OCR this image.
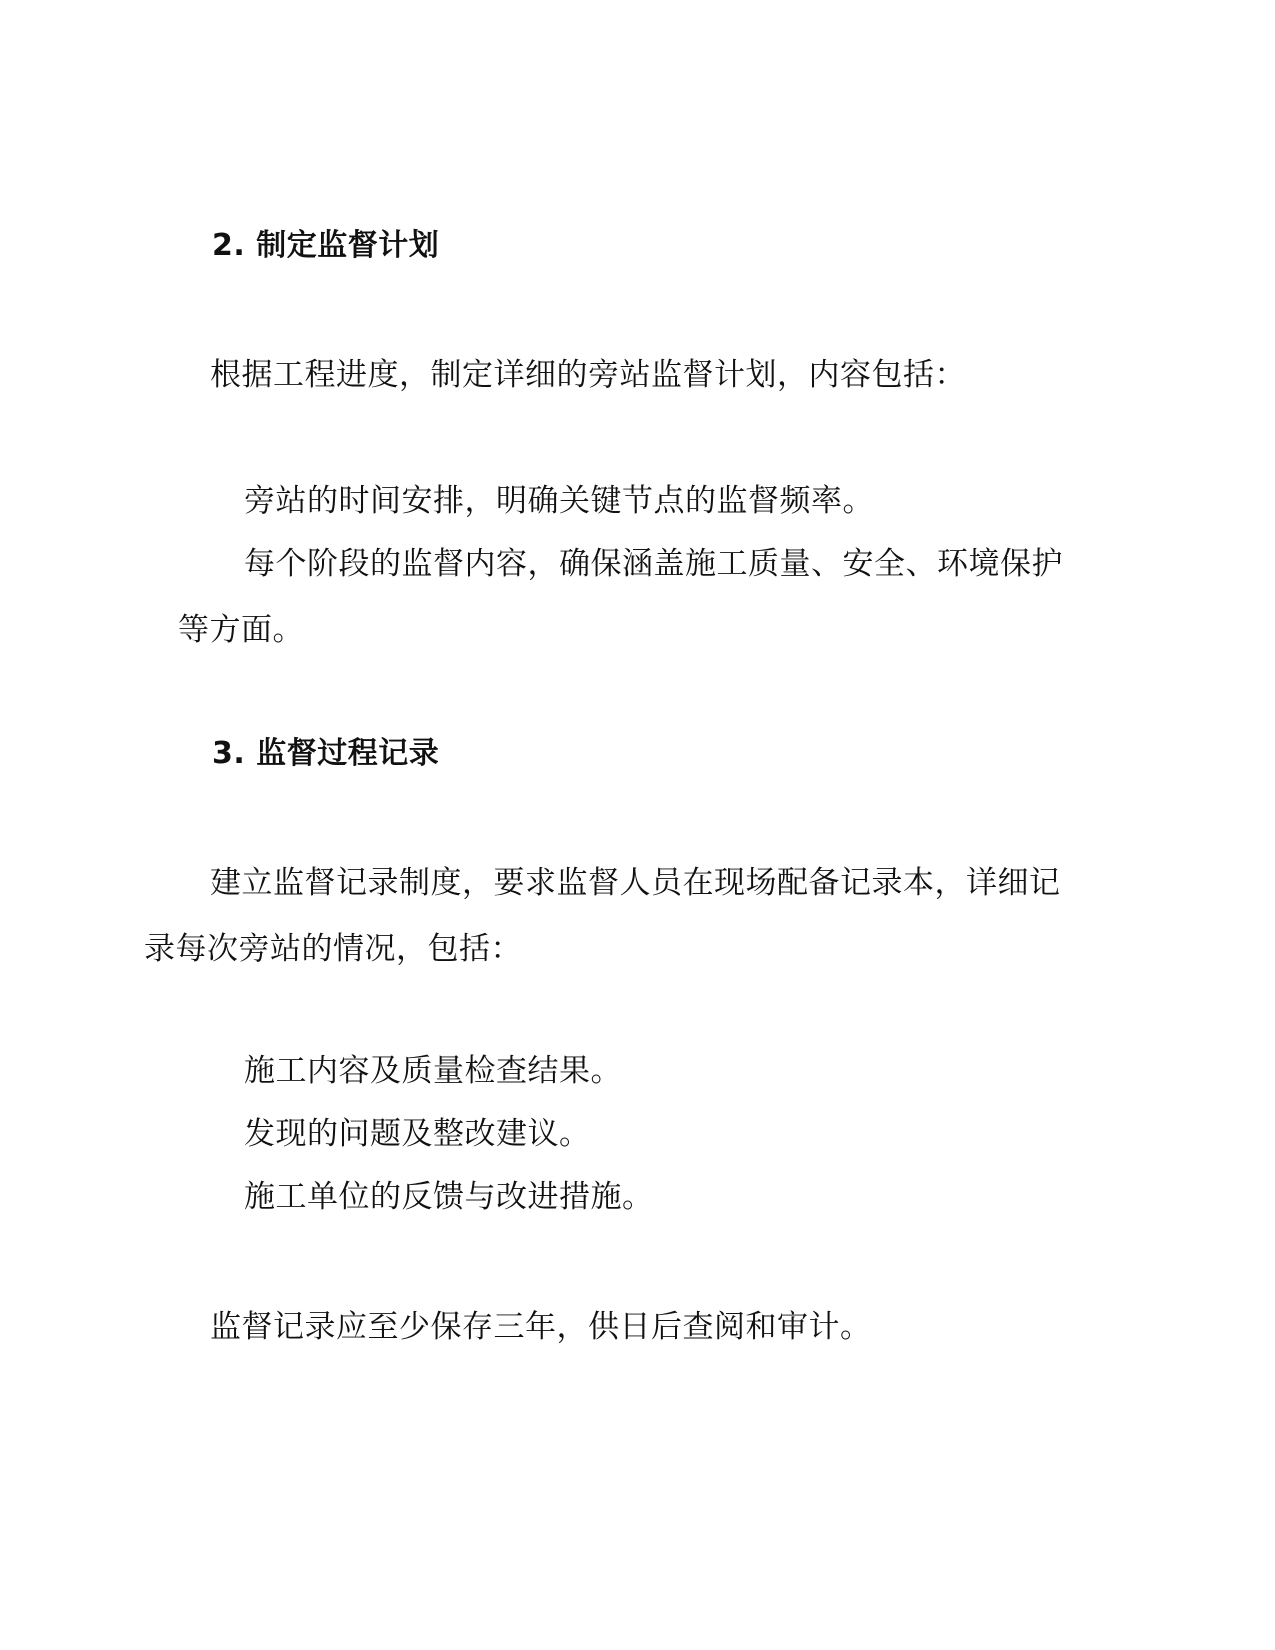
2. 制定监督计划
根据工程进度，制定详细的旁站监督计划，内容包括：
旁站的时间安排，明确关键节点的监督频率。
每个阶段的监督内容，确保涵盖施工质量、安全、环境保护等方面。
3. 监督过程记录
建立监督记录制度，要求监督人员在现场配备记录本，详细记录每次旁站的情况，包括：
施工内容及质量检查结果。
发现的问题及整改建议。
施工单位的反馈与改进措施。
监督记录应至少保存三年，供日后查阅和审计。
